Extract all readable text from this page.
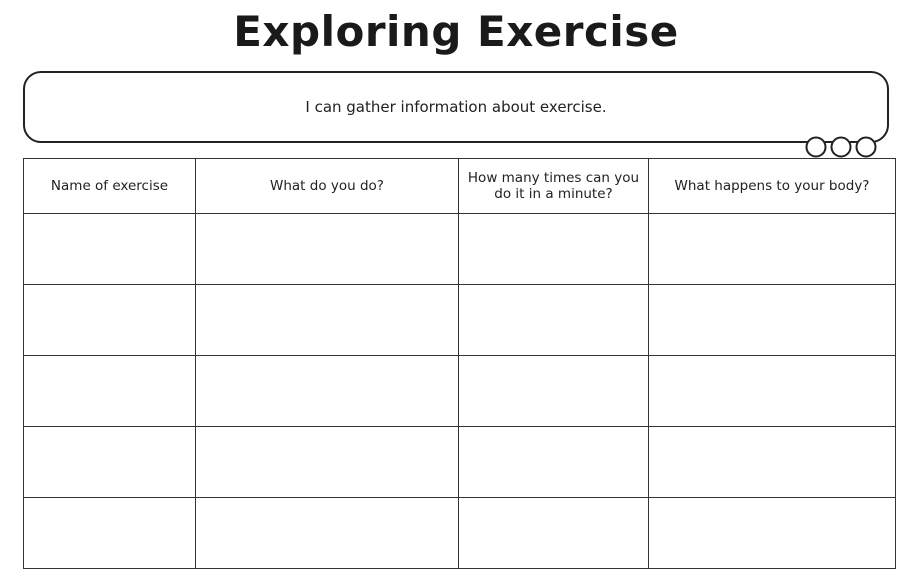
Exploring Exercise
I can gather information about exercise.
Name of exercise	What do you do?	How many times can you do it in a minute?	What happens to your body?
